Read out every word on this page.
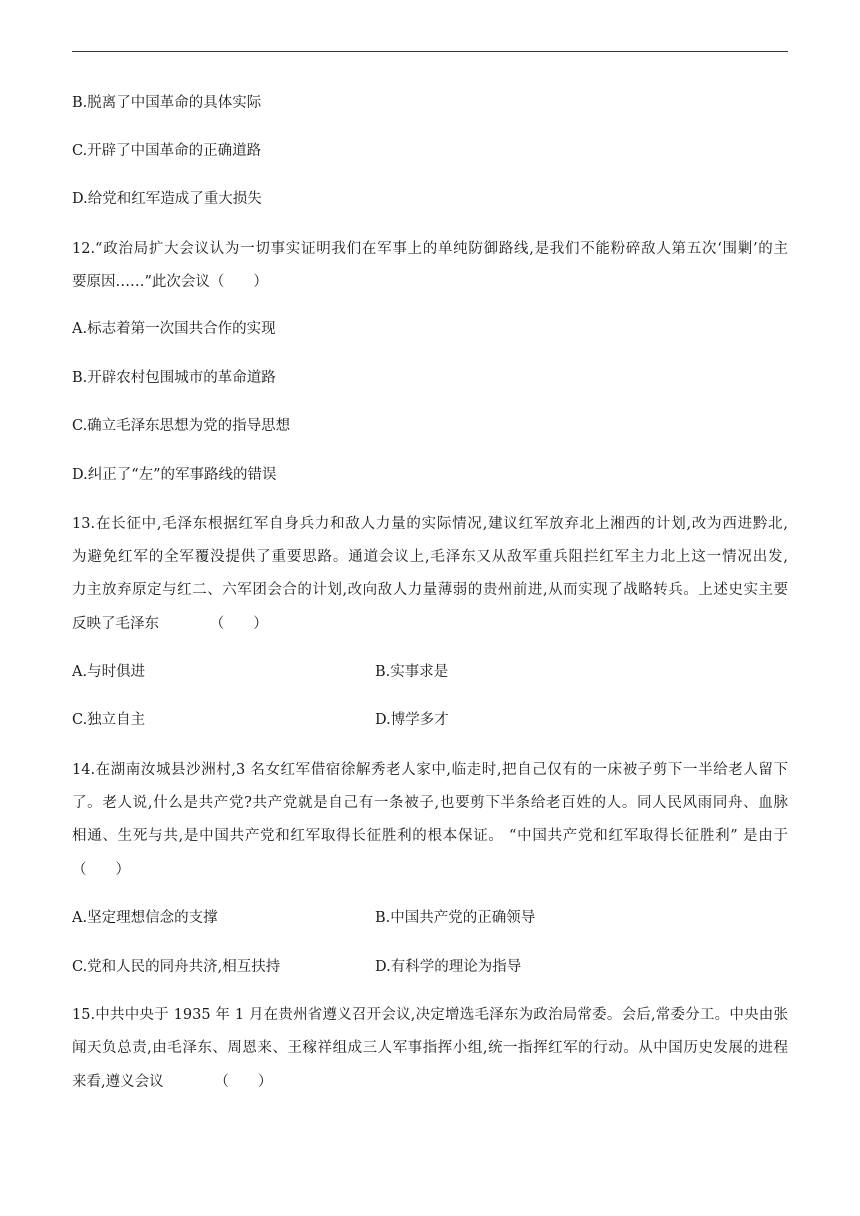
B.脱离了中国革命的具体实际
C.开辟了中国革命的正确道路
D.给党和红军造成了重大损失
12.“政治局扩大会议认为一切事实证明我们在军事上的单纯防御路线,是我们不能粉碎敌人第五次‘围剿’的主
要原因……”此次会议（　　）
A.标志着第一次国共合作的实现
B.开辟农村包围城市的革命道路
C.确立毛泽东思想为党的指导思想
D.纠正了“左”的军事路线的错误
13.在长征中,毛泽东根据红军自身兵力和敌人力量的实际情况,建议红军放弃北上湘西的计划,改为西进黔北,
为避免红军的全军覆没提供了重要思路。通道会议上,毛泽东又从敌军重兵阻拦红军主力北上这一情况出发,
力主放弃原定与红二、六军团会合的计划,改向敌人力量薄弱的贵州前进,从而实现了战略转兵。上述史实主要
反映了毛泽东　　　　（　　）
A.与时俱进	B.实事求是
C.独立自主	D.博学多才
14.在湖南汝城县沙洲村,3 名女红军借宿徐解秀老人家中,临走时,把自己仅有的一床被子剪下一半给老人留下
了。老人说,什么是共产党?共产党就是自己有一条被子,也要剪下半条给老百姓的人。同人民风雨同舟、血脉
相通、生死与共,是中国共产党和红军取得长征胜利的根本保证。 “中国共产党和红军取得长征胜利” 是由于
（　　）
A.坚定理想信念的支撑	B.中国共产党的正确领导
C.党和人民的同舟共济,相互扶持	D.有科学的理论为指导
15.中共中央于 1935 年 1 月在贵州省遵义召开会议,决定增选毛泽东为政治局常委。会后,常委分工。中央由张
闻天负总责,由毛泽东、周恩来、王稼祥组成三人军事指挥小组,统一指挥红军的行动。从中国历史发展的进程
来看,遵义会议　　　　（　　）
